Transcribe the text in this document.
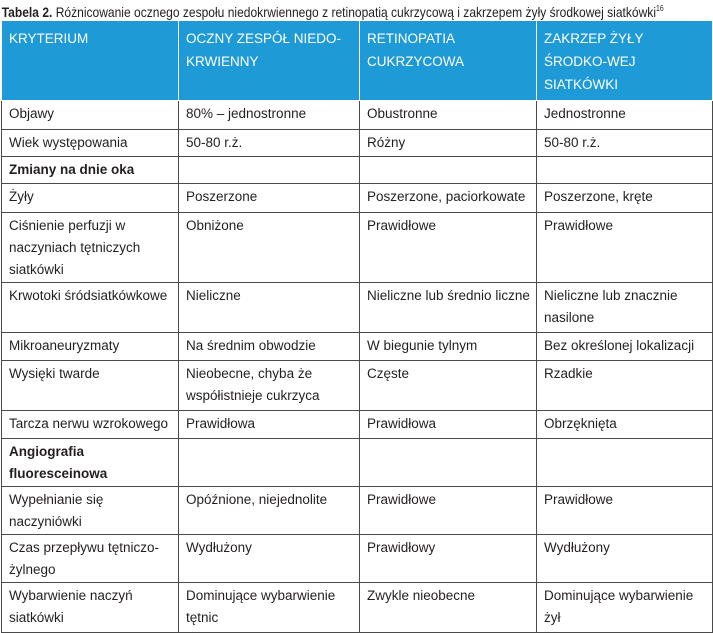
Tabela 2. Różnicowanie ocznego zespołu niedokrwiennego z retinopatią cukrzycową i zakrzepem żyły środkowej siatkówki$^{16}$
KRYTERIUM	OCZNY ZESPÓŁ NIEDO-KRWIENNY	RETINOPATIA CUKRZYCOWA	ZAKRZEP ŻYŁY ŚRODKO-WEJ SIATKÓWKI

Objawy	80% – jednostronne	Obustronne	Jednostronne
Wiek występowania	50-80 r.ż.	Różny	50-80 r.ż.
Zmiany na dnie oka			
Żyły	Poszerzone	Poszerzone, paciorkowate	Poszerzone, kręte
Ciśnienie perfuzji w naczyniach tętniczych siatkówki	Obniżone	Prawidłowe	Prawidłowe
Krwotoki śródsiatkówkowe	Nieliczne	Nieliczne lub średnio liczne	Nieliczne lub znacznie nasilone
Mikroaneuryzmaty	Na średnim obwodzie	W biegunie tylnym	Bez określonej lokalizacji
Wysięki twarde	Nieobecne, chyba że współistnieje cukrzyca	Częste	Rzadkie
Tarcza nerwu wzrokowego	Prawidłowa	Prawidłowa	Obrzęknięta
Angiografia fluoresceinowa			
Wypełnianie się naczyniówki	Opóźnione, niejednolite	Prawidłowe	Prawidłowe
Czas przepływu tętniczo-żylnego	Wydłużony	Prawidłowy	Wydłużony
Wybarwienie naczyń siatkówki	Dominujące wybarwienie tętnic	Zwykle nieobecne	Dominujące wybarwienie żył
